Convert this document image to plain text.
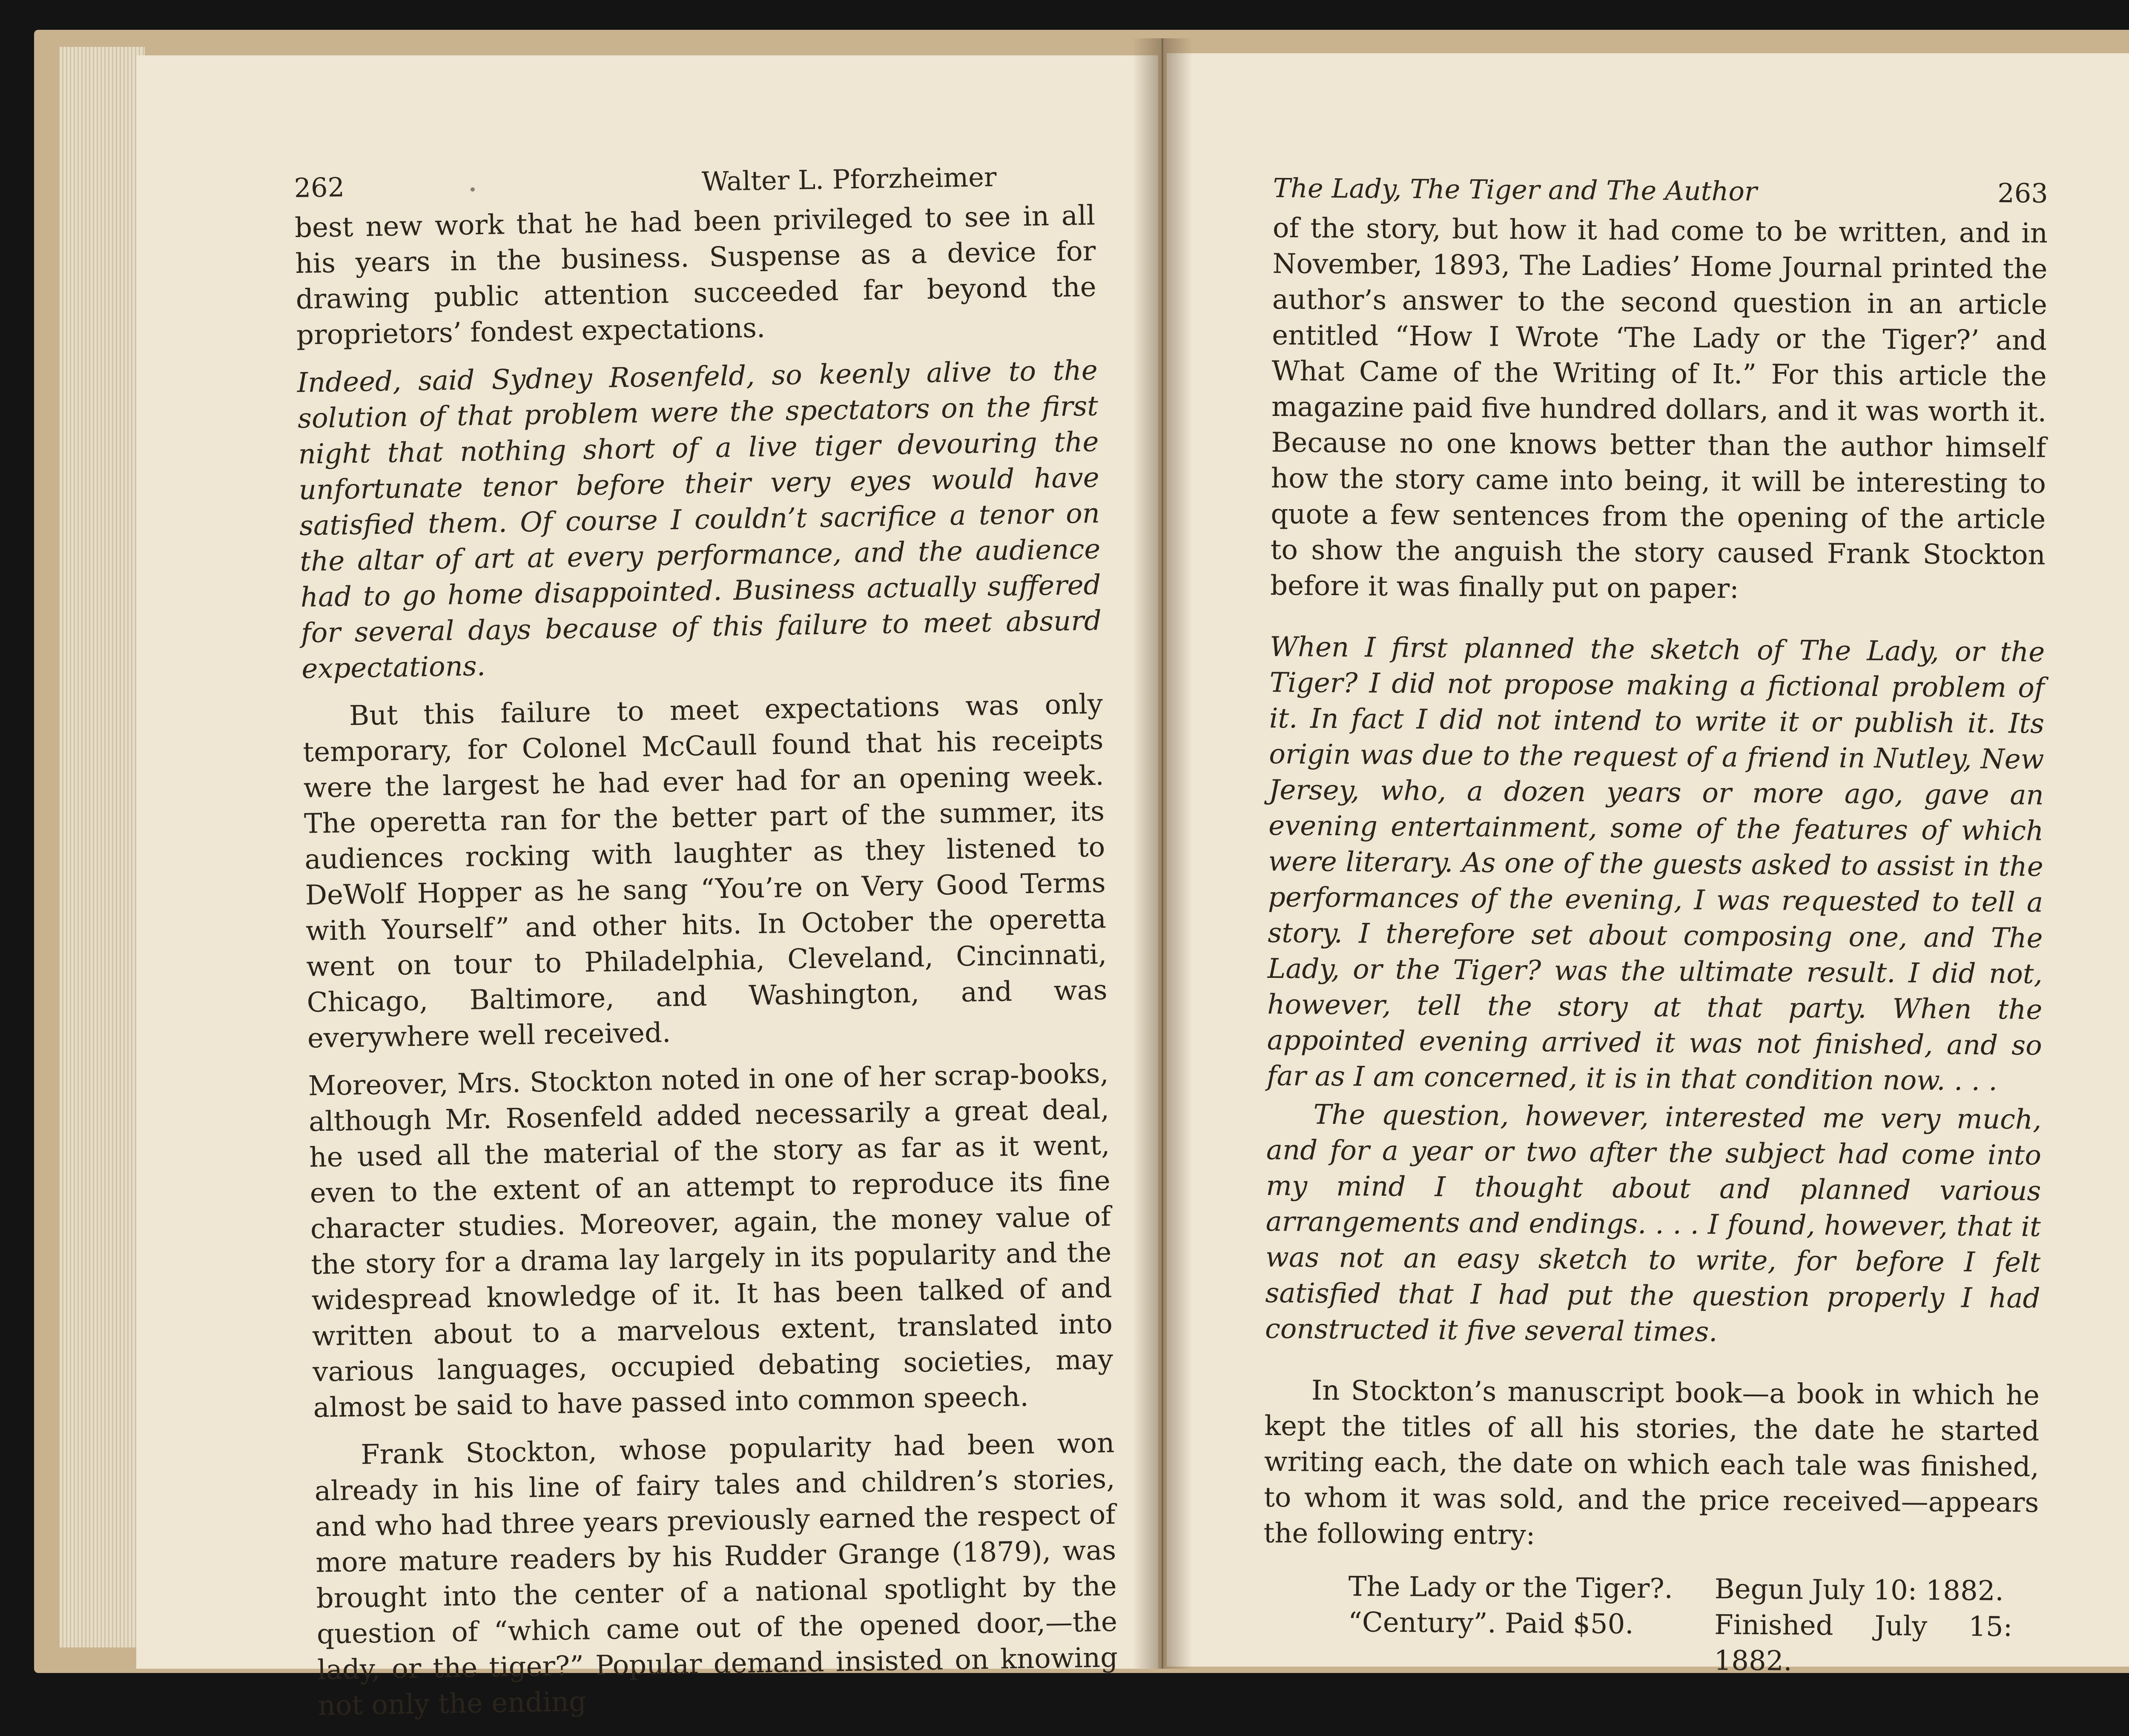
262	Walter L. Pforzheimer

best new work that he had been privileged to see in all his years in the business. Suspense as a device for drawing public attention succeeded far beyond the proprietors’ fondest expectations.

Indeed, said Sydney Rosenfeld, so keenly alive to the solution of that problem were the spectators on the first night that nothing short of a live tiger devouring the unfortunate tenor before their very eyes would have satisfied them. Of course I couldn’t sacrifice a tenor on the altar of art at every performance, and the audience had to go home disappointed. Business actually suffered for several days because of this failure to meet absurd expectations.

But this failure to meet expectations was only temporary, for Colonel McCaull found that his receipts were the largest he had ever had for an opening week. The operetta ran for the better part of the summer, its audiences rocking with laughter as they listened to DeWolf Hopper as he sang “You’re on Very Good Terms with Yourself” and other hits. In October the operetta went on tour to Philadelphia, Cleveland, Cincinnati, Chicago, Baltimore, and Washington, and was everywhere well received.

Moreover, Mrs. Stockton noted in one of her scrap-books, although Mr. Rosenfeld added necessarily a great deal, he used all the material of the story as far as it went, even to the extent of an attempt to reproduce its fine character studies. Moreover, again, the money value of the story for a drama lay largely in its popularity and the widespread knowledge of it. It has been talked of and written about to a marvelous extent, translated into various languages, occupied debating societies, may almost be said to have passed into common speech.

Frank Stockton, whose popularity had been won already in his line of fairy tales and children’s stories, and who had three years previously earned the respect of more mature readers by his Rudder Grange (1879), was brought into the center of a national spotlight by the question of “which came out of the opened door,—the lady, or the tiger?” Popular demand insisted on knowing not only the ending

The Lady, The Tiger and The Author	263

of the story, but how it had come to be written, and in November, 1893, The Ladies’ Home Journal printed the author’s answer to the second question in an article entitled “How I Wrote ‘The Lady or the Tiger?’ and What Came of the Writing of It.” For this article the magazine paid five hundred dollars, and it was worth it. Because no one knows better than the author himself how the story came into being, it will be interesting to quote a few sentences from the opening of the article to show the anguish the story caused Frank Stockton before it was finally put on paper:

When I first planned the sketch of The Lady, or the Tiger? I did not propose making a fictional problem of it. In fact I did not intend to write it or publish it. Its origin was due to the request of a friend in Nutley, New Jersey, who, a dozen years or more ago, gave an evening entertainment, some of the features of which were literary. As one of the guests asked to assist in the performances of the evening, I was requested to tell a story. I therefore set about composing one, and The Lady, or the Tiger? was the ultimate result. I did not, however, tell the story at that party. When the appointed evening arrived it was not finished, and so far as I am concerned, it is in that condition now. . . .

The question, however, interested me very much, and for a year or two after the subject had come into my mind I thought about and planned various arrangements and endings. . . . I found, however, that it was not an easy sketch to write, for before I felt satisfied that I had put the question properly I had constructed it five several times.

In Stockton’s manuscript book—a book in which he kept the titles of all his stories, the date he started writing each, the date on which each tale was finished, to whom it was sold, and the price received—appears the following entry:

The Lady or the Tiger?.	Begun July 10: 1882.
“Century”. Paid $50.	Finished July 15: 1882.
